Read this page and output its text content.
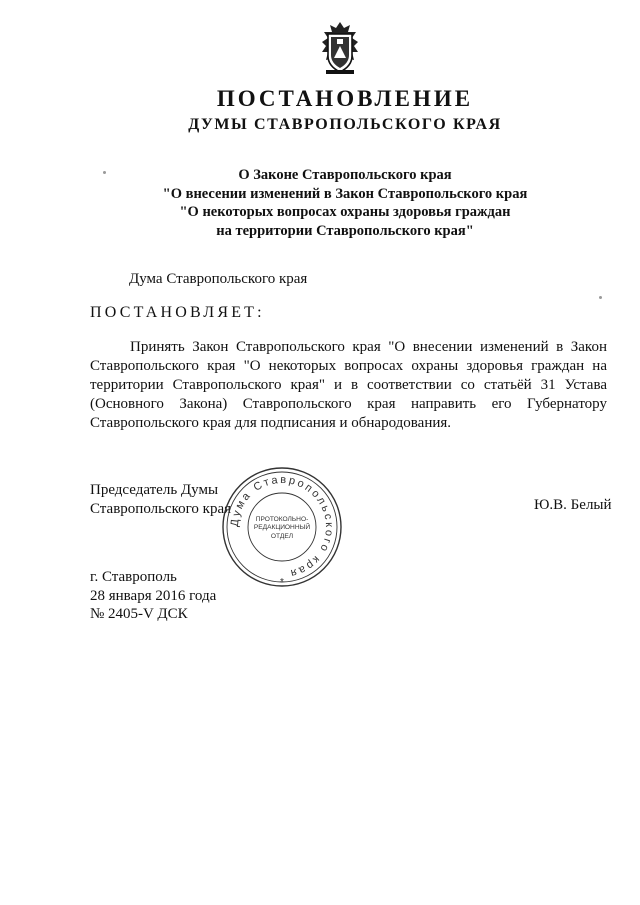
ПОСТАНОВЛЕНИЕ
ДУМЫ СТАВРОПОЛЬСКОГО КРАЯ
О Законе Ставропольского края
"О внесении изменений в Закон Ставропольского края
"О некоторых вопросах охраны здоровья граждан
на территории Ставропольского края"
Дума Ставропольского края
ПОСТАНОВЛЯЕТ:
Принять Закон Ставропольского края "О внесении изменений в Закон Ставропольского края "О некоторых вопросах охраны здоровья граждан на территории Ставропольского края" и в соответствии со статьёй 31 Устава (Основного Закона) Ставропольского края направить его Губернатору Ставропольского края для подписания и обнародования.
Председатель Думы
Ставропольского края	Ю.В. Белый
Дума Ставропольского края
ПРОТОКОЛЬНО-
РЕДАКЦИОННЫЙ
ОТДЕЛ
*
г. Ставрополь
28 января 2016 года
№ 2405-V ДСК
